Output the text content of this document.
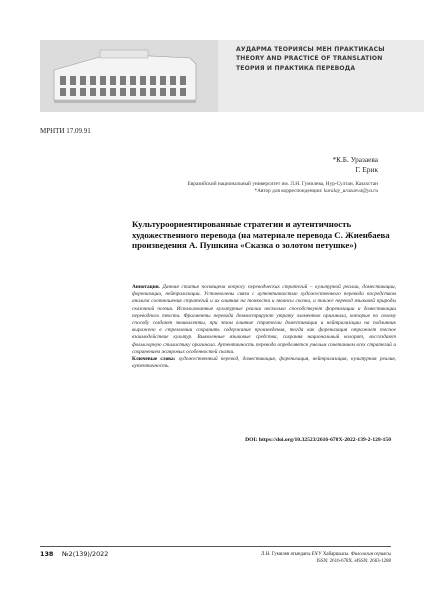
АУДАРМА ТЕОРИЯСЫ МЕН ПРАКТИКАСЫ
THEORY AND PRACTICE OF TRANSLATION
ТЕОРИЯ И ПРАКТИКА ПЕРЕВОДА
МРНТИ 17.09.91
*К.Б. Уразаева
Г. Ерик
Евразийский национальный университет им. Л.Н. Гумилева, Нур-Султан, Казахстан
*Автор для корреспонденции: kuralay_urazaeva@ya.ru
Культуроориентированные стратегии и аутентичность художественного перевода (на материале перевода С. Жиенбаева произведения А. Пушкина «Сказка о золотом петушке»)

Аннотация. Данная статья посвящена вопросу переводческих стратегий – культурной реалии, доместикации, форенизации, нейтрализации. Установлены связи с аутентичностью художественного перевода посредством анализа соотношения стратегий и их влияния на тонкости и нюансы сказки, а также перевод языковой природы сказочной поэзии. Использованные культурные реалии несколько способствуют форенизации и доместикации переводного текста. Фрагменты перевода демонстрируют утрату элементов оригинала, которые по своему способу создают эквиваленты, при этом влияние стратегии доместикации и нейтрализации на подлинник выражено в стремлении сохранить содержание произведения, тогда как форенизация отражает тесное взаимодействие культур. Выявленные языковые средства, сохраняя национальный колорит, воссоздают фольклорную стилистику оригинала. Аутентичность перевода определяется умелым сочетанием всех стратегий и сохранением жанровых особенностей сказки.

Ключевые слова: художественный перевод, доместикация, форенизация, нейтрализация, культурная реалия, аутентичность.

DOI: https://doi.org/10.32523/2616-678X-2022-139-2-128-150
138 №2(139)/2022	Л.Н. Гумилев атындағы ЕҰУ Хабаршысы. Филология сериясы
ISSN: 2616-678X. eISSN: 2663-1288
